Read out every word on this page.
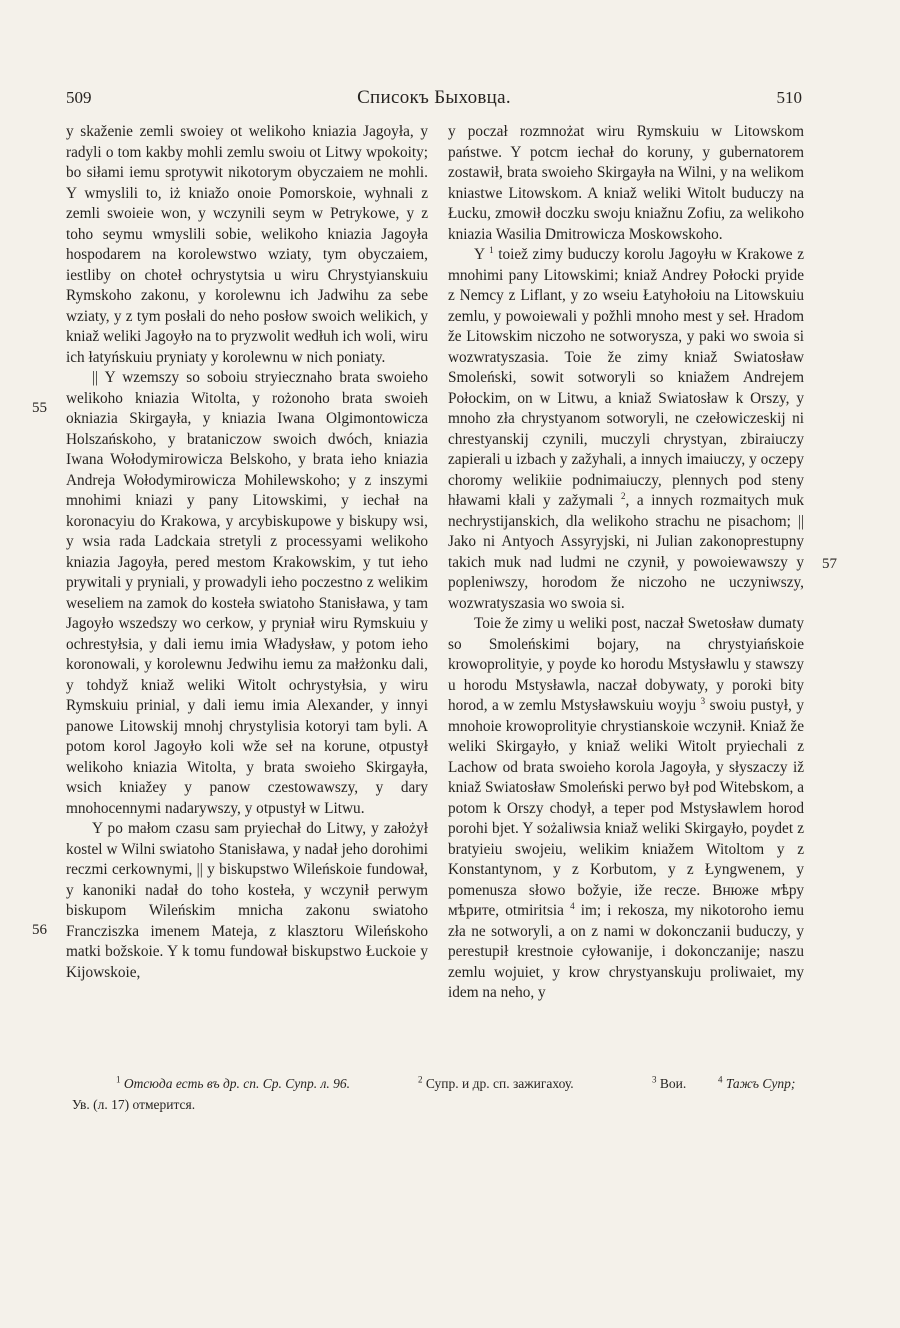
509	Списокъ Быховца.	510
55
56
57

y skaženie zemli swoiey ot welikoho kniazia Jagoyła, y radyli o tom kakby mohli zemlu swoiu ot Litwy wpokoity; bo siłami iemu sprotywit nikotorym obyczaiem ne mohli. Y wmyslili to, iż kniažo onoie Pomorskoie, wyhnali z zemli swoieie won, y wczynili seym w Petrykowe, y z toho seymu wmyslili sobie, welikoho kniazia Jagoyła hospodarem na korolewstwo wziaty, tym obyczaiem, iestliby on choteł ochrystytsia u wiru Chrystyianskuiu Rymskoho zakonu, y korolewnu ich Jadwihu za sebe wziaty, y z tym posłali do neho posłow swoich welikich, y kniaž weliki Jagoyło na to pryzwolit wedłuh ich woli, wiru ich łatyńskuiu pryniaty y korolewnu w nich poniaty.

|| Y wzemszy so soboiu stryiecznaho brata swoieho welikoho kniazia Witolta, y rożonoho brata swoieh okniazia Skirgayła, y kniazia Iwana Olgimontowicza Holszańskoho, y brataniczow swoich dwóch, kniazia Iwana Wołodymirowicza Belskoho, y brata ieho kniazia Andreja Wołodymirowicza Mohilewskoho; y z inszymi mnohimi kniazi y pany Litowskimi, y iechał na koronacyiu do Krakowa, y arcybiskupowe y biskupy wsi, y wsia rada Ladckaia stretyli z processyami welikoho kniazia Jagoyła, pered mestom Krakowskim, y tut ieho prywitali y pryniali, y prowadyli ieho poczestno z welikim weseliem na zamok do kosteła swiatoho Stanisława, y tam Jagoyło wszedszy wo cerkow, y pryniał wiru Rymskuiu y ochrestyłsia, y dali iemu imia Władysław, y potom ieho koronowali, y korolewnu Jedwihu iemu za małżonku dali, y tohdyž kniaž weliki Witolt ochrystyłsia, y wiru Rymskuiu prinial, y dali iemu imia Alexander, y innyi panowe Litowskij mnohj chrystylisia kotoryi tam byli. A potom korol Jagoyło koli wže seł na korune, otpustył welikoho kniazia Witolta, y brata swoieho Skirgayła, wsich kniažey y panow czestowawszy, y dary mnohocennymi nadarywszy, y otpustył w Litwu.

Y po małom czasu sam pryiechał do Litwy, y założył kostel w Wilni swiatoho Stanisława, y nadał jeho dorohimi reczmi cerkownymi, || y biskupstwo Wileńskoie fundował, y kanoniki nadał do toho kosteła, y wczynił perwym biskupom Wileńskim mnicha zakonu swiatoho Francziszka imenem Mateja, z klasztoru Wileńskoho matki božskoie. Y k tomu fundował biskupstwo Łuckoie y Kijowskoie,

y poczał rozmnożat wiru Rymskuiu w Litowskom państwe. Y potcm iechał do koruny, y gubernatorem zostawił, brata swoieho Skirgayła na Wilni, y na welikom kniastwe Litowskom. A kniaž weliki Witolt buduczy na Łucku, zmowił doczku swoju kniažnu Zofiu, za welikoho kniazia Wasilia Dmitrowicza Moskowskoho.

Y $^1$ toiež zimy buduczy korolu Jagoyłu w Krakowe z mnohimi pany Litowskimi; kniaž Andrey Połocki pryide z Nemcy z Liflant, y zo wseiu Łatyhołoiu na Litowskuiu zemlu, y powoiewali y požhli mnoho mest y seł. Hradom že Litowskim niczoho ne sotworysza, y paki wo swoia si wozwratyszasia. Toie že zimy kniaž Swiatosław Smoleński, sowit sotworyli so kniažem Andrejem Połockim, on w Litwu, a kniaž Swiatosław k Orszy, y mnoho zła chrystyanom sotworyli, ne czełowiczeskij ni chrestyanskij czynili, muczyli chrystyan, zbiraiuczy zapierali u izbach y zažyhali, a innych imaiuczy, y oczepy choromy welikiie podnimaiuczy, plennych pod steny hławami kłali y zažymali $^2$, a innych rozmaitych muk nechrystijanskich, dla welikoho strachu ne pisachom; || Jako ni Antyoch Assyryjski, ni Julian zakonoprestupny takich muk nad ludmi ne czynił, y powoiewawszy y popleniwszy, horodom že niczoho ne uczyniwszy, wozwratyszasia wo swoia si.

Toie že zimy u weliki post, naczał Swetosław dumaty so Smoleńskimi bojary, na chrystyiańskoie krowoprolityie, y poyde ko horodu Mstysławlu y stawszy u horodu Mstysławla, naczał dobywaty, y poroki bity horod, a w zemlu Mstysławskuiu woyju $^3$ swoiu pustył, y mnohoie krowoprolityie chrystianskoie wczynił. Kniaž že weliki Skirgayło, y kniaž weliki Witolt pryiechali z Lachow od brata swoieho korola Jagoyła, y słyszaczy iž kniaž Swiatosław Smoleński perwo był pod Witebskom, a potom k Orszy chodył, a teper pod Mstysławlem horod porohi bjet. Y sożaliwsia kniaž weliki Skirgayło, poydet z bratyieiu swojeiu, welikim kniažem Witoltom y z Konstantynom, y z Korbutom, y z Łyngwenem, y pomenusza słowo božyie, iže recze. Внюже мѣру мѣрите, otmiritsia $^4$ im; i rekosza, my nikotoroho iemu zła ne sotworyli, a on z nami w dokonczanii buduczy, y perestupił krestnoie cyłowanije, i dokonczanije; naszu zemlu wojuiet, y krow chrystyanskuju proliwaiet, my idem na neho, y

$^1$ Отсюда есть въ др. сп. Ср. Супр. л. 96.	$^2$ Супр. и др. сп. зажигахоу.	$^3$ Вои.	$^4$ Тажъ Супр;
Ув. (л. 17) отмерится.
